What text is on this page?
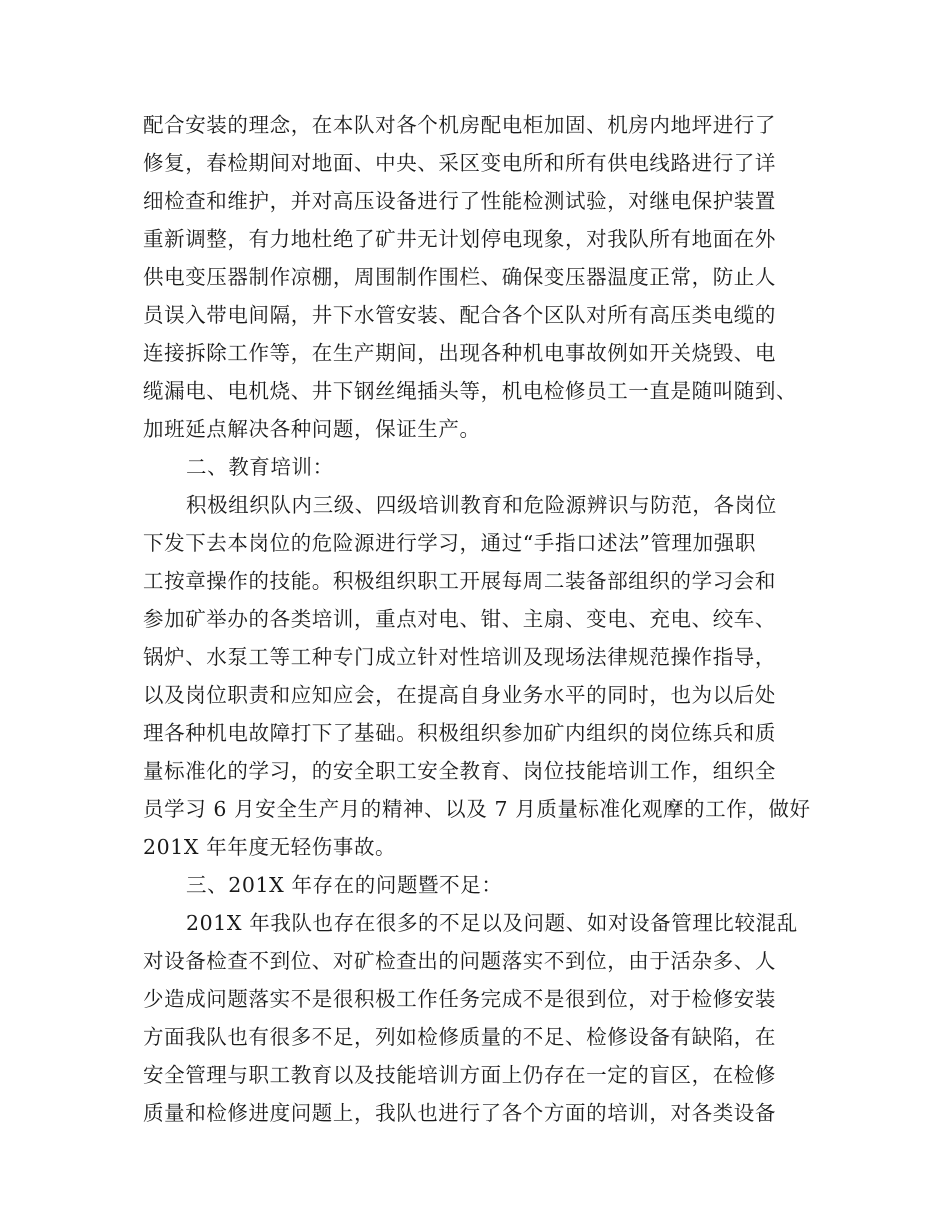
配合安装的理念，在本队对各个机房配电柜加固、机房内地坪进行了
修复，春检期间对地面、中央、采区变电所和所有供电线路进行了详
细检查和维护，并对高压设备进行了性能检测试验，对继电保护装置
重新调整，有力地杜绝了矿井无计划停电现象，对我队所有地面在外
供电变压器制作凉棚，周围制作围栏、确保变压器温度正常，防止人
员误入带电间隔，井下水管安装、配合各个区队对所有高压类电缆的
连接拆除工作等，在生产期间，出现各种机电事故例如开关烧毁、电
缆漏电、电机烧、井下钢丝绳插头等，机电检修员工一直是随叫随到、
加班延点解决各种问题，保证生产。
二、教育培训：
积极组织队内三级、四级培训教育和危险源辨识与防范，各岗位
下发下去本岗位的危险源进行学习，通过“手指口述法”管理加强职
工按章操作的技能。积极组织职工开展每周二装备部组织的学习会和
参加矿举办的各类培训，重点对电、钳、主扇、变电、充电、绞车、
锅炉、水泵工等工种专门成立针对性培训及现场法律规范操作指导，
以及岗位职责和应知应会，在提高自身业务水平的同时，也为以后处
理各种机电故障打下了基础。积极组织参加矿内组织的岗位练兵和质
量标准化的学习，的安全职工安全教育、岗位技能培训工作，组织全
员学习 6 月安全生产月的精神、以及 7 月质量标准化观摩的工作，做好
201X 年年度无轻伤事故。
三、201X 年存在的问题暨不足：
201X 年我队也存在很多的不足以及问题、如对设备管理比较混乱
对设备检查不到位、对矿检查出的问题落实不到位，由于活杂多、人
少造成问题落实不是很积极工作任务完成不是很到位，对于检修安装
方面我队也有很多不足，列如检修质量的不足、检修设备有缺陷，在
安全管理与职工教育以及技能培训方面上仍存在一定的盲区，在检修
质量和检修进度问题上，我队也进行了各个方面的培训，对各类设备
